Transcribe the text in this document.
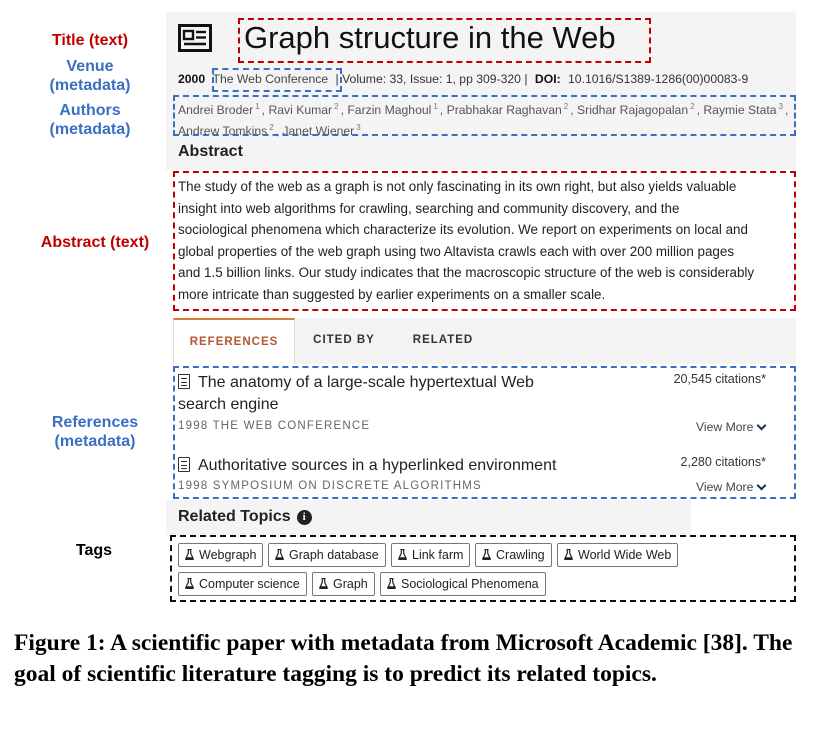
Title (text)
Venue
(metadata)
Authors
(metadata)
Abstract (text)
References
(metadata)
Tags
Graph structure in the Web
2000 The Web Conference | Volume: 33, Issue: 1, pp 309-320 | DOI: 10.1016/S1389-1286(00)00083-9
Andrei Broder $^1$ , Ravi Kumar $^2$ , Farzin Maghoul $^1$ , Prabhakar Raghavan $^2$ , Sridhar Rajagopalan $^2$ , Raymie Stata $^3$ , Andrew Tomkins $^2$ , Janet Wiener $^3$
Abstract
The study of the web as a graph is not only fascinating in its own right, but also yields valuable
insight into web algorithms for crawling, searching and community discovery, and the
sociological phenomena which characterize its evolution. We report on experiments on local and
global properties of the web graph using two Altavista crawls each with over 200 million pages
and 1.5 billion links. Our study indicates that the macroscopic structure of the web is considerably
more intricate than suggested by earlier experiments on a smaller scale.
REFERENCES	CITED BY	RELATED
The anatomy of a large-scale hypertextual Web
search engine
1998 THE WEB CONFERENCE
20,545 citations*
View More
Authoritative sources in a hyperlinked environment
1998 SYMPOSIUM ON DISCRETE ALGORITHMS
2,280 citations*
View More
Related Topics i
Webgraph	Graph database	Link farm	Crawling	World Wide Web
Computer science	Graph	Sociological Phenomena
Figure 1: A scientific paper with metadata from Microsoft Academic [38]. The goal of scientific literature tagging is to predict its related topics.
